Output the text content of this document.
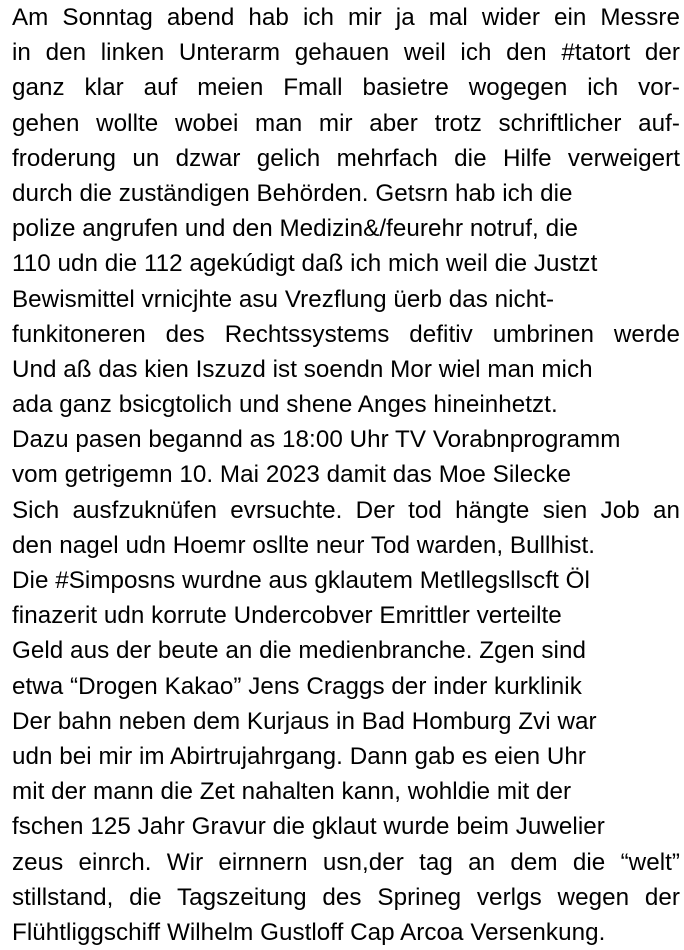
Am Sonntag abend hab ich mir ja mal wider ein Messre
in den linken Unterarm gehauen weil ich den #tatort der
ganz klar auf meien Fmall basietre wogegen ich vor-
gehen wollte wobei man mir aber trotz schriftlicher auf-
froderung un dzwar gelich mehrfach die Hilfe verweigert
durch die zuständigen Behörden. Getsrn hab ich die
polize angrufen und den Medizin&/feurehr notruf, die
110 udn die 112 agekúdigt daß ich mich weil die Justzt
Bewismittel vrnicjhte asu Vrezflung üerb das nicht-
funkitoneren des Rechtssystems defitiv umbrinen werde
Und aß das kien Iszuzd ist soendn Mor wiel man mich
ada ganz bsicgtolich und shene Anges hineinhetzt.
Dazu pasen begannd as 18:00 Uhr TV Vorabnprogramm
vom getrigemn 10. Mai 2023 damit das Moe Silecke
Sich ausfzuknüfen evrsuchte. Der tod hängte sien Job an
den nagel udn Hoemr osllte neur Tod warden, Bullhist.
Die #Simposns wurdne aus gklautem Metllegsllscft Öl
finazerit udn korrute Undercobver Emrittler verteilte
Geld aus der beute an die medienbranche. Zgen sind
etwa “Drogen Kakao” Jens Craggs der inder kurklinik
Der bahn neben dem Kurjaus in Bad Homburg Zvi war
udn bei mir im Abirtrujahrgang. Dann gab es eien Uhr
mit der mann die Zet nahalten kann, wohldie mit der
fschen 125 Jahr Gravur die gklaut wurde beim Juwelier
zeus einrch. Wir eirnnern usn,der tag an dem die “welt”
stillstand, die Tagszeitung des Sprineg verlgs wegen der
Flühtliggschiff Wilhelm Gustloff Cap Arcoa Versenkung.
